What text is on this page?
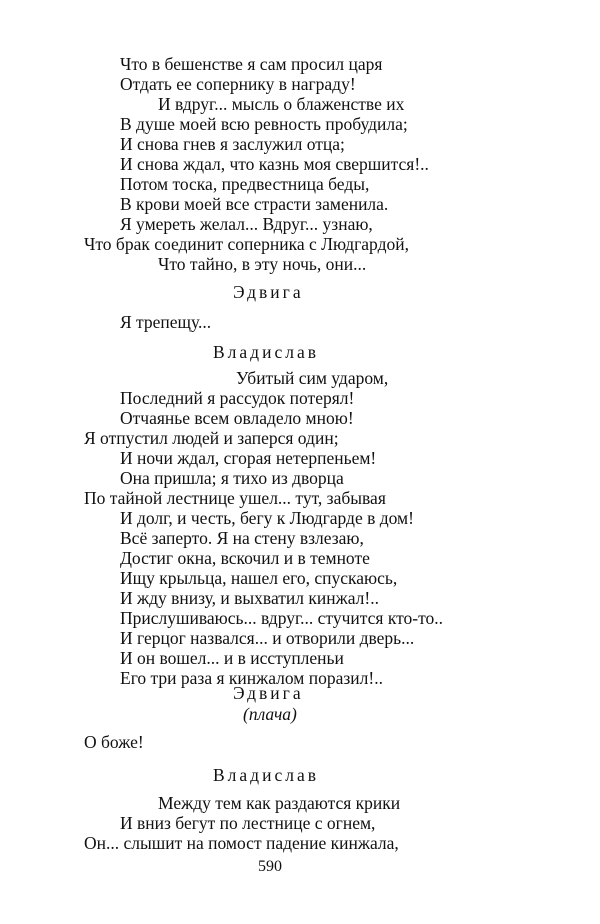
Что в бешенстве я сам просил царя
Отдать ее сопернику в награду!
И вдруг... мысль о блаженстве их
В душе моей всю ревность пробудила;
И снова гнев я заслужил отца;
И снова ждал, что казнь моя свершится!..
Потом тоска, предвестница беды,
В крови моей все страсти заменила.
Я умереть желал... Вдруг... узнаю,
Что брак соединит соперника с Людгардой,
Что тайно, в эту ночь, они...
Эдвига
Я трепещу...
Владислав
Убитый сим ударом,
Последний я рассудок потерял!
Отчаянье всем овладело мною!
Я отпустил людей и заперся один;
И ночи ждал, сгорая нетерпеньем!
Она пришла; я тихо из дворца
По тайной лестнице ушел... тут, забывая
И долг, и честь, бегу к Людгарде в дом!
Всё заперто. Я на стену взлезаю,
Достиг окна, вскочил и в темноте
Ищу крыльца, нашел его, спускаюсь,
И жду внизу, и выхватил кинжал!..
Прислушиваюсь... вдруг... стучится кто-то..
И герцог назвался... и отворили дверь...
И он вошел... и в исступленьи
Его три раза я кинжалом поразил!..
Эдвига
(плача)
О боже!
Владислав
Между тем как раздаются крики
И вниз бегут по лестнице с огнем,
Он... слышит на помост падение кинжала,
590
